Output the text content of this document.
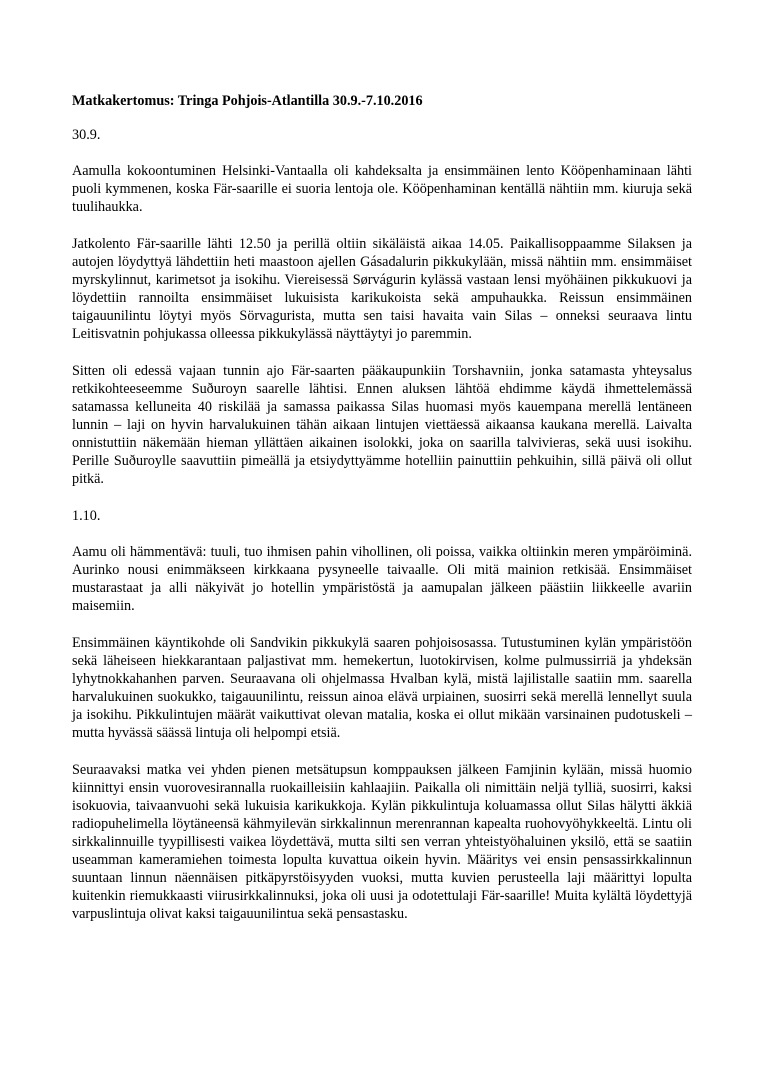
Matkakertomus: Tringa Pohjois-Atlantilla 30.9.-7.10.2016
30.9.

Aamulla kokoontuminen Helsinki-Vantaalla oli kahdeksalta ja ensimmäinen lento Kööpenhaminaan lähti puoli kymmenen, koska Fär-saarille ei suoria lentoja ole. Kööpenhaminan kentällä nähtiin mm. kiuruja sekä tuulihaukka.

Jatkolento Fär-saarille lähti 12.50 ja perillä oltiin sikäläistä aikaa 14.05. Paikallisoppaamme Silaksen ja autojen löydyttyä lähdettiin heti maastoon ajellen Gásadalurin pikkukylään, missä nähtiin mm. ensimmäiset myrskylinnut, karimetsot ja isokihu. Viereisessä Sørvágurin kylässä vastaan lensi myöhäinen pikkukuovi ja löydettiin rannoilta ensimmäiset lukuisista karikukoista sekä ampuhaukka. Reissun ensimmäinen taigauunilintu löytyi myös Sörvagurista, mutta sen taisi havaita vain Silas – onneksi seuraava lintu Leitisvatnin pohjukassa olleessa pikkukylässä näyttäytyi jo paremmin.

Sitten oli edessä vajaan tunnin ajo Fär-saarten pääkaupunkiin Torshavniin, jonka satamasta yhteysalus retkikohteeseemme Suðuroyn saarelle lähtisi. Ennen aluksen lähtöä ehdimme käydä ihmettelemässä satamassa kelluneita 40 riskilää ja samassa paikassa Silas huomasi myös kauempana merellä lentäneen lunnin – laji on hyvin harvalukuinen tähän aikaan lintujen viettäessä aikaansa kaukana merellä. Laivalta onnistuttiin näkemään hieman yllättäen aikainen isolokki, joka on saarilla talvivieras, sekä uusi isokihu. Perille Suðuroylle saavuttiin pimeällä ja etsiydyttyämme hotelliin painuttiin pehkuihin, sillä päivä oli ollut pitkä.

1.10.

Aamu oli hämmentävä: tuuli, tuo ihmisen pahin vihollinen, oli poissa, vaikka oltiinkin meren ympäröiminä. Aurinko nousi enimmäkseen kirkkaana pysyneelle taivaalle. Oli mitä mainion retkisää. Ensimmäiset mustarastaat ja alli näkyivät jo hotellin ympäristöstä ja aamupalan jälkeen päästiin liikkeelle avariin maisemiin.

Ensimmäinen käyntikohde oli Sandvikin pikkukylä saaren pohjoisosassa. Tutustuminen kylän ympäristöön sekä läheiseen hiekkarantaan paljastivat mm. hemekertun, luotokirvisen, kolme pulmussirriä ja yhdeksän lyhytnokkahanhen parven. Seuraavana oli ohjelmassa Hvalban kylä, mistä lajilistalle saatiin mm. saarella harvalukuinen suokukko, taigauunilintu, reissun ainoa elävä urpiainen, suosirri sekä merellä lennellyt suula ja isokihu. Pikkulintujen määrät vaikuttivat olevan matalia, koska ei ollut mikään varsinainen pudotuskeli – mutta hyvässä säässä lintuja oli helpompi etsiä.

Seuraavaksi matka vei yhden pienen metsätupsun komppauksen jälkeen Famjinin kylään, missä huomio kiinnittyi ensin vuorovesirannalla ruokailleisiin kahlaajiin. Paikalla oli nimittäin neljä tylliä, suosirri, kaksi isokuovia, taivaanvuohi sekä lukuisia karikukkoja. Kylän pikkulintuja koluamassa ollut Silas hälytti äkkiä radiopuhelimella löytäneensä kähmyilevän sirkkalinnun merenrannan kapealta ruohovyöhykkeeltä. Lintu oli sirkkalinnuille tyypillisesti vaikea löydettävä, mutta silti sen verran yhteistyöhaluinen yksilö, että se saatiin useamman kameramiehen toimesta lopulta kuvattua oikein hyvin. Määritys vei ensin pensassirkkalinnun suuntaan linnun näennäisen pitkäpyrstöisyyden vuoksi, mutta kuvien perusteella laji määrittyi lopulta kuitenkin riemukkaasti viirusirkkalinnuksi, joka oli uusi ja odotettulaji Fär-saarille! Muita kylältä löydettyjä varpuslintuja olivat kaksi taigauunilintua sekä pensastasku.
